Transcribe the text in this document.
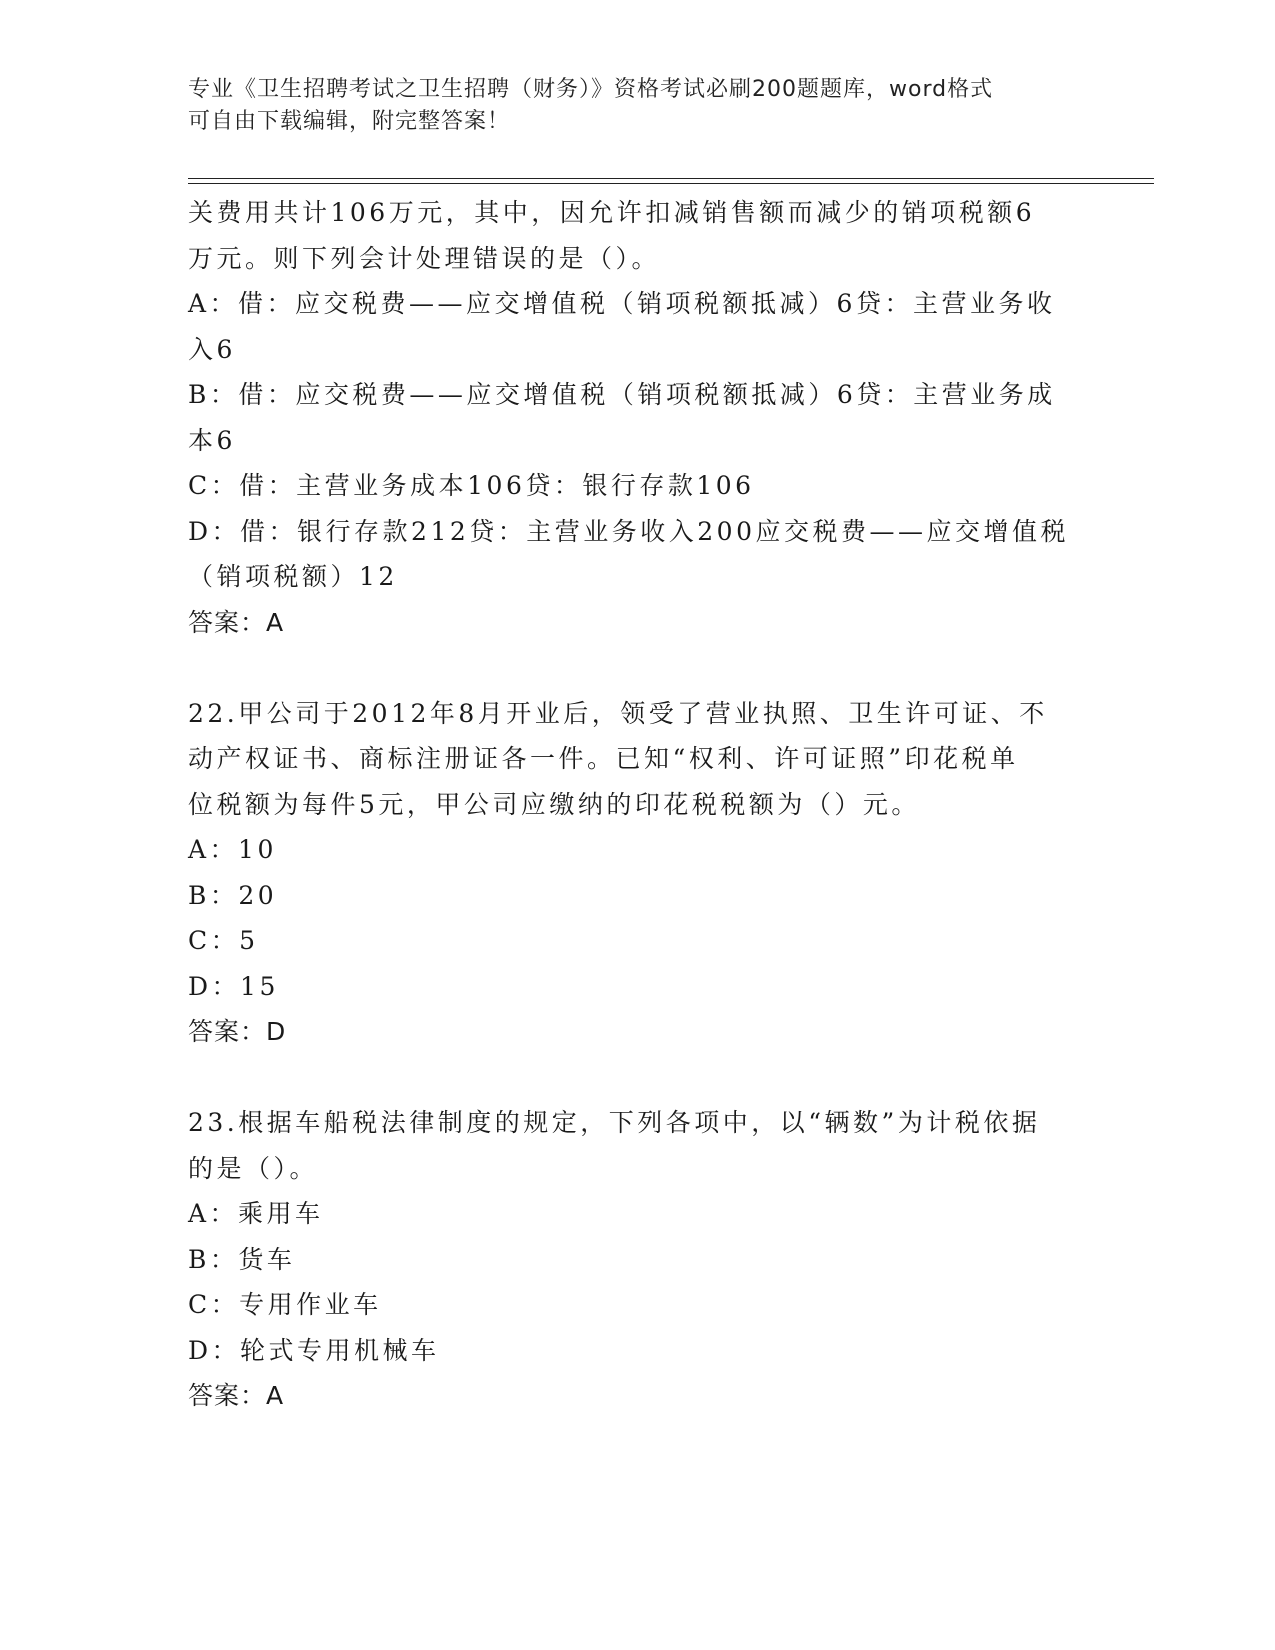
专业《卫生招聘考试之卫生招聘（财务）》资格考试必刷200题题库，word格式
可自由下载编辑，附完整答案！
关费用共计106万元，其中，因允许扣减销售额而减少的销项税额6
万元。则下列会计处理错误的是（）。
A：借：应交税费——应交增值税（销项税额抵减）6贷：主营业务收
入6
B：借：应交税费——应交增值税（销项税额抵减）6贷：主营业务成
本6
C：借：主营业务成本106贷：银行存款106
D：借：银行存款212贷：主营业务收入200应交税费——应交增值税
（销项税额）12
答案：A
22.甲公司于2012年8月开业后，领受了营业执照、卫生许可证、不
动产权证书、商标注册证各一件。已知“权利、许可证照”印花税单
位税额为每件5元，甲公司应缴纳的印花税税额为（）元。
A：10
B：20
C：5
D：15
答案：D
23.根据车船税法律制度的规定，下列各项中，以“辆数”为计税依据
的是（）。
A：乘用车
B：货车
C：专用作业车
D：轮式专用机械车
答案：A
